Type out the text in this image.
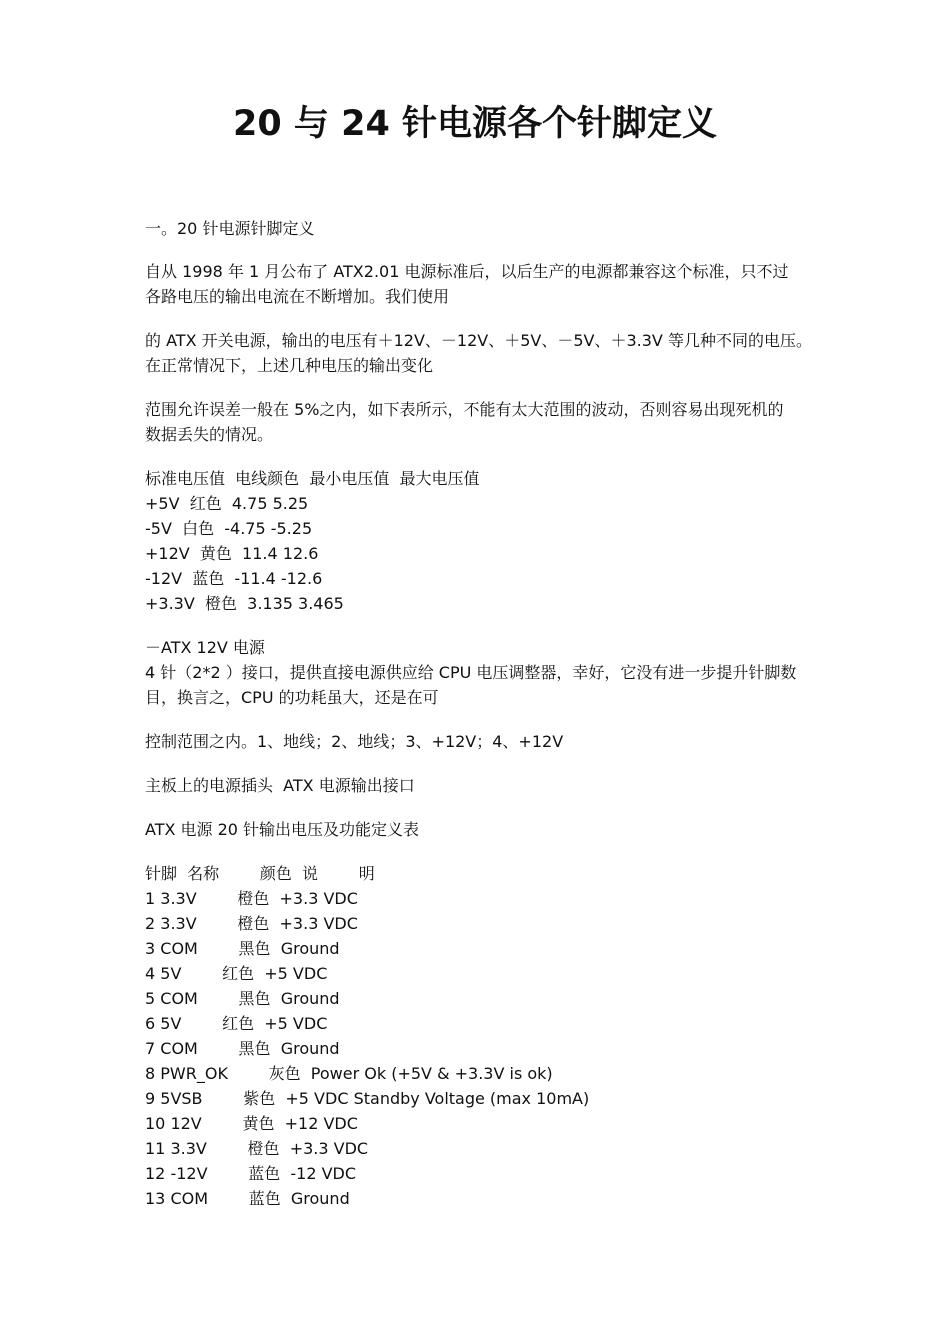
20 与 24 针电源各个针脚定义

一。20 针电源针脚定义

自从 1998 年 1 月公布了 ATX2.01 电源标准后，以后生产的电源都兼容这个标准，只不过

各路电压的输出电流在不断增加。我们使用

的 ATX 开关电源，输出的电压有＋12V、－12V、＋5V、－5V、＋3.3V 等几种不同的电压。

在正常情况下，上述几种电压的输出变化

范围允许误差一般在 5%之内，如下表所示，不能有太大范围的波动，否则容易出现死机的

数据丢失的情况。

标准电压值  电线颜色  最小电压值  最大电压值

+5V  红色  4.75 5.25

-5V  白色  -4.75 -5.25

+12V  黄色  11.4 12.6

-12V  蓝色  -11.4 -12.6

+3.3V  橙色  3.135 3.465

－ATX 12V 电源

4 针（2*2 ）接口，提供直接电源供应给 CPU 电压调整器，幸好，它没有进一步提升针脚数

目，换言之，CPU 的功耗虽大，还是在可

控制范围之内。1、地线；2、地线；3、+12V；4、+12V

主板上的电源插头  ATX 电源输出接口

ATX 电源 20 针输出电压及功能定义表

针脚  名称        颜色  说        明

1 3.3V        橙色  +3.3 VDC

2 3.3V        橙色  +3.3 VDC

3 COM        黑色  Ground

4 5V        红色  +5 VDC

5 COM        黑色  Ground

6 5V        红色  +5 VDC

7 COM        黑色  Ground

8 PWR_OK        灰色  Power Ok (+5V & +3.3V is ok)

9 5VSB        紫色  +5 VDC Standby Voltage (max 10mA)

10 12V        黄色  +12 VDC

11 3.3V        橙色  +3.3 VDC

12 -12V        蓝色  -12 VDC

13 COM        蓝色  Ground
